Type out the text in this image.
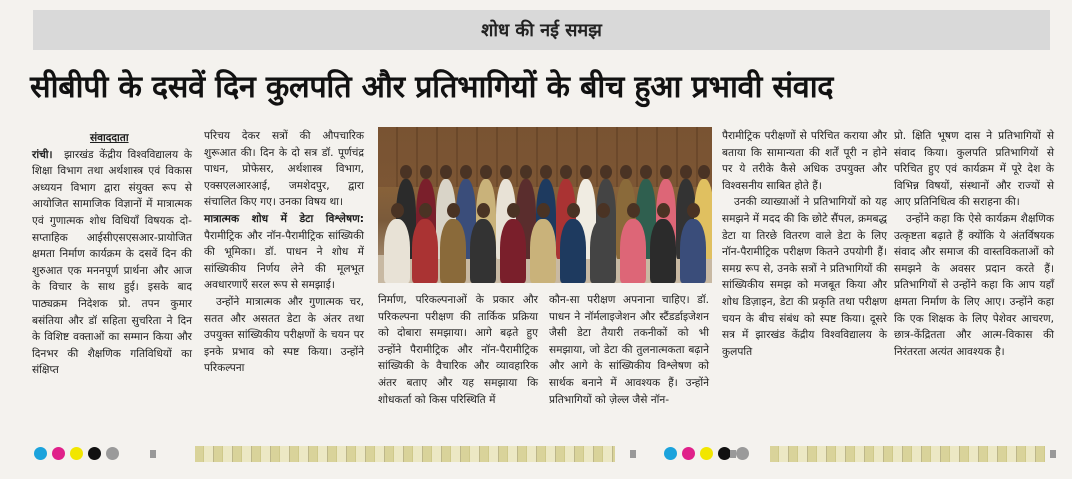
शोध की नई समझ
सीबीपी के दसवें दिन कुलपति और प्रतिभागियों के बीच हुआ प्रभावी संवाद

संवाददाता

रांची। झारखंड केंद्रीय विश्वविद्यालय के शिक्षा विभाग तथा अर्थशास्त्र एवं विकास अध्ययन विभाग द्वारा संयुक्त रूप से आयोजित सामाजिक विज्ञानों में मात्रात्मक एवं गुणात्मक शोध विधियाँ विषयक दो-सप्ताहिक आईसीएसएसआर-प्रायोजित क्षमता निर्माण कार्यक्रम के दसवें दिन की शुरुआत एक मननपूर्ण प्रार्थना और आज के विचार के साथ हुई। इसके बाद पाठ्यक्रम निदेशक प्रो. तपन कुमार बसंतिया और डॉ सहिता सुचरिता ने दिन के विशिष्ट वक्ताओं का सम्मान किया और दिनभर की शैक्षणिक गतिविधियों का संक्षिप्त

परिचय देकर सत्रों की औपचारिक शुरूआत की। दिन के दो सत्र डॉ. पूर्णचंद्र पाधन, प्रोफेसर, अर्थशास्त्र विभाग, एक्सएलआरआई, जमशेदपुर, द्वारा संचालित किए गए। उनका विषय था।

मात्रात्मक शोध में डेटा विश्लेषण: पैरामीट्रिक और नॉन-पैरामीट्रिक सांख्यिकी की भूमिका। डॉ. पाधन ने शोध में सांख्यिकीय निर्णय लेने की मूलभूत अवधारणाएँ सरल रूप से समझाई।

उन्होंने मात्रात्मक और गुणात्मक चर, सतत और असतत डेटा के अंतर तथा उपयुक्त सांख्यिकीय परीक्षणों के चयन पर इनके प्रभाव को स्पष्ट किया। उन्होंने परिकल्पना

निर्माण, परिकल्पनाओं के प्रकार और परिकल्पना परीक्षण की तार्किक प्रक्रिया को दोबारा समझाया। आगे बढ़ते हुए उन्होंने पैरामीट्रिक और नॉन-पैरामीट्रिक सांख्यिकी के वैचारिक और व्यावहारिक अंतर बताए और यह समझाया कि शोधकर्ता को किस परिस्थिति में

कौन-सा परीक्षण अपनाना चाहिए। डॉ. पाधन ने नॉर्मलाइजेशन और स्टैंडर्डाइजेशन जैसी डेटा तैयारी तकनीकों को भी समझाया, जो डेटा की तुलनात्मकता बढ़ाने और आगे के सांख्यिकीय विश्लेषण को सार्थक बनाने में आवश्यक हैं। उन्होंने प्रतिभागियों को ज़ेल्ल जैसे नॉन-

पैरामीट्रिक परीक्षणों से परिचित कराया और बताया कि सामान्यता की शर्तें पूरी न होने पर ये तरीके कैसे अधिक उपयुक्त और विश्वसनीय साबित होते हैं।

उनकी व्याख्याओं ने प्रतिभागियों को यह समझने में मदद की कि छोटे सैंपल, क्रमबद्ध डेटा या तिरछे वितरण वाले डेटा के लिए नॉन-पैरामीट्रिक परीक्षण कितने उपयोगी हैं। समग्र रूप से, उनके सत्रों ने प्रतिभागियों की सांख्यिकीय समझ को मजबूत किया और शोध डिज़ाइन, डेटा की प्रकृति तथा परीक्षण चयन के बीच संबंध को स्पष्ट किया। दूसरे सत्र में झारखंड केंद्रीय विश्वविद्यालय के कुलपति

प्रो. क्षिति भूषण दास ने प्रतिभागियों से संवाद किया। कुलपति प्रतिभागियों से परिचित हुए एवं कार्यक्रम में पूरे देश के विभिन्न विषयों, संस्थानों और राज्यों से आए प्रतिनिधित्व की सराहना की।

उन्होंने कहा कि ऐसे कार्यक्रम शैक्षणिक उत्कृष्टता बढ़ाते हैं क्योंकि ये अंतर्विषयक संवाद और समाज की वास्तविकताओं को समझने के अवसर प्रदान करते हैं। प्रतिभागियों से उन्होंने कहा कि आप यहाँ क्षमता निर्माण के लिए आए। उन्होंने कहा कि एक शिक्षक के लिए पेशेवर आचरण, छात्र-केंद्रितता और आत्म-विकास की निरंतरता अत्यंत आवश्यक है।
